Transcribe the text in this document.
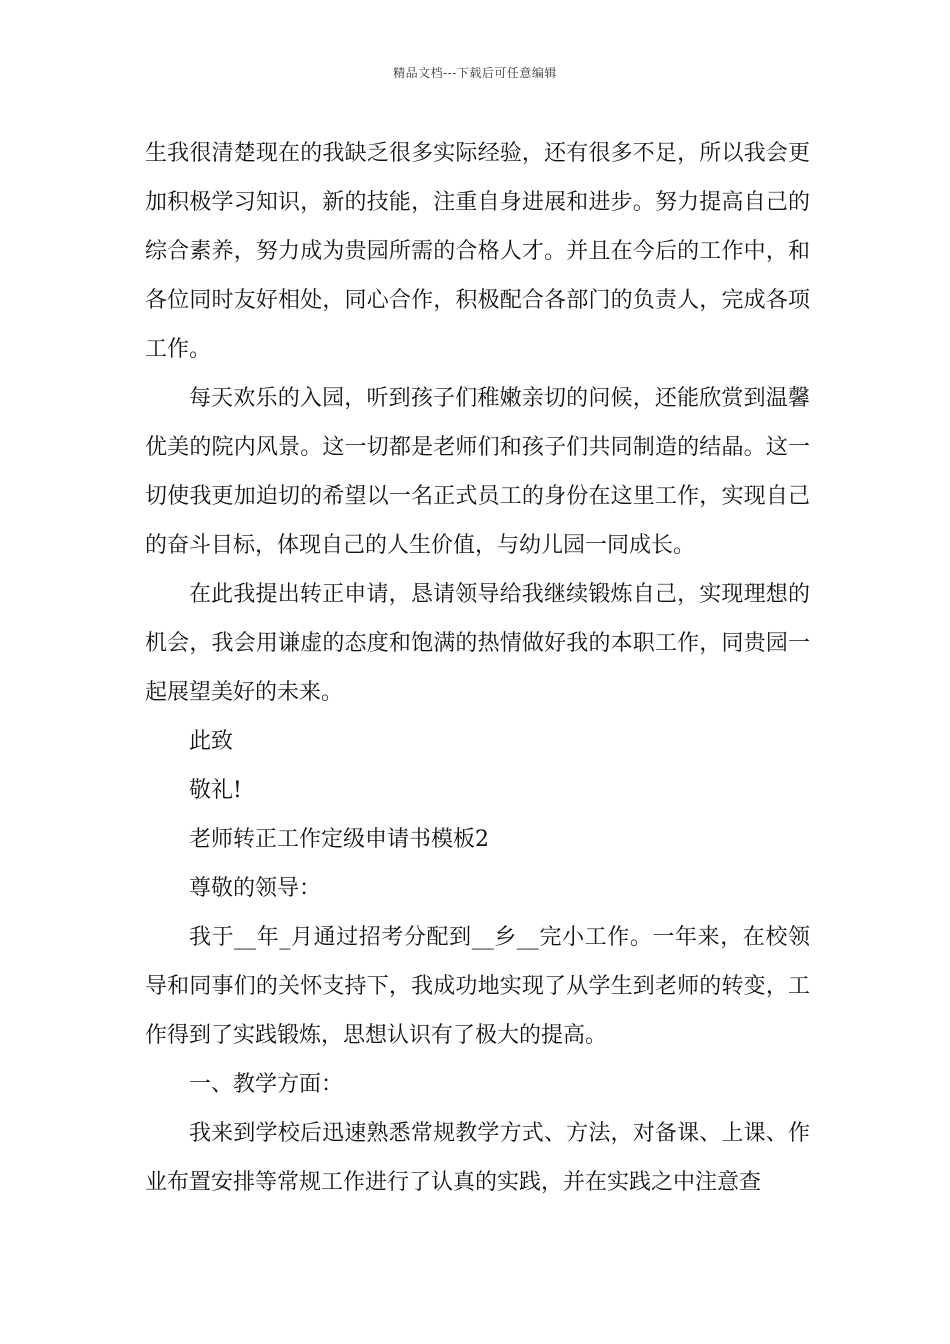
精品文档---下载后可任意编辑

生我很清楚现在的我缺乏很多实际经验，还有很多不足，所以我会更加积极学习知识，新的技能，注重自身进展和进步。努力提高自己的综合素养，努力成为贵园所需的合格人才。并且在今后的工作中，和各位同时友好相处，同心合作，积极配合各部门的负责人，完成各项工作。

每天欢乐的入园，听到孩子们稚嫩亲切的问候，还能欣赏到温馨优美的院内风景。这一切都是老师们和孩子们共同制造的结晶。这一切使我更加迫切的希望以一名正式员工的身份在这里工作，实现自己的奋斗目标，体现自己的人生价值，与幼儿园一同成长。

在此我提出转正申请，恳请领导给我继续锻炼自己，实现理想的机会，我会用谦虚的态度和饱满的热情做好我的本职工作，同贵园一起展望美好的未来。

此致

敬礼!

老师转正工作定级申请书模板2

尊敬的领导：

我于__年_月通过招考分配到__乡__完小工作。一年来，在校领导和同事们的关怀支持下，我成功地实现了从学生到老师的转变，工作得到了实践锻炼，思想认识有了极大的提高。

一、教学方面：

我来到学校后迅速熟悉常规教学方式、方法，对备课、上课、作业布置安排等常规工作进行了认真的实践，并在实践之中注意查
